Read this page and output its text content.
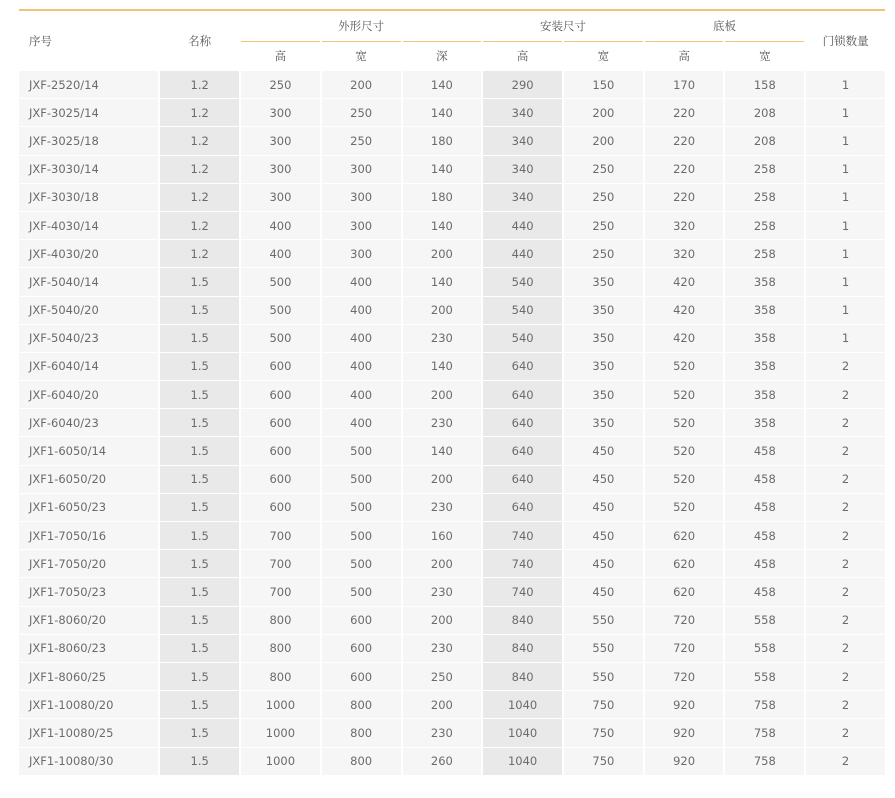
序号	名称	外形尺寸			安装尺寸		底板		门锁数量
		高	宽	深	高	宽	高	宽	
JXF-2520/14	1.2	250	200	140	290	150	170	158	1
JXF-3025/14	1.2	300	250	140	340	200	220	208	1
JXF-3025/18	1.2	300	250	180	340	200	220	208	1
JXF-3030/14	1.2	300	300	140	340	250	220	258	1
JXF-3030/18	1.2	300	300	180	340	250	220	258	1
JXF-4030/14	1.2	400	300	140	440	250	320	258	1
JXF-4030/20	1.2	400	300	200	440	250	320	258	1
JXF-5040/14	1.5	500	400	140	540	350	420	358	1
JXF-5040/20	1.5	500	400	200	540	350	420	358	1
JXF-5040/23	1.5	500	400	230	540	350	420	358	1
JXF-6040/14	1.5	600	400	140	640	350	520	358	2
JXF-6040/20	1.5	600	400	200	640	350	520	358	2
JXF-6040/23	1.5	600	400	230	640	350	520	358	2
JXF1-6050/14	1.5	600	500	140	640	450	520	458	2
JXF1-6050/20	1.5	600	500	200	640	450	520	458	2
JXF1-6050/23	1.5	600	500	230	640	450	520	458	2
JXF1-7050/16	1.5	700	500	160	740	450	620	458	2
JXF1-7050/20	1.5	700	500	200	740	450	620	458	2
JXF1-7050/23	1.5	700	500	230	740	450	620	458	2
JXF1-8060/20	1.5	800	600	200	840	550	720	558	2
JXF1-8060/23	1.5	800	600	230	840	550	720	558	2
JXF1-8060/25	1.5	800	600	250	840	550	720	558	2
JXF1-10080/20	1.5	1000	800	200	1040	750	920	758	2
JXF1-10080/25	1.5	1000	800	230	1040	750	920	758	2
JXF1-10080/30	1.5	1000	800	260	1040	750	920	758	2
